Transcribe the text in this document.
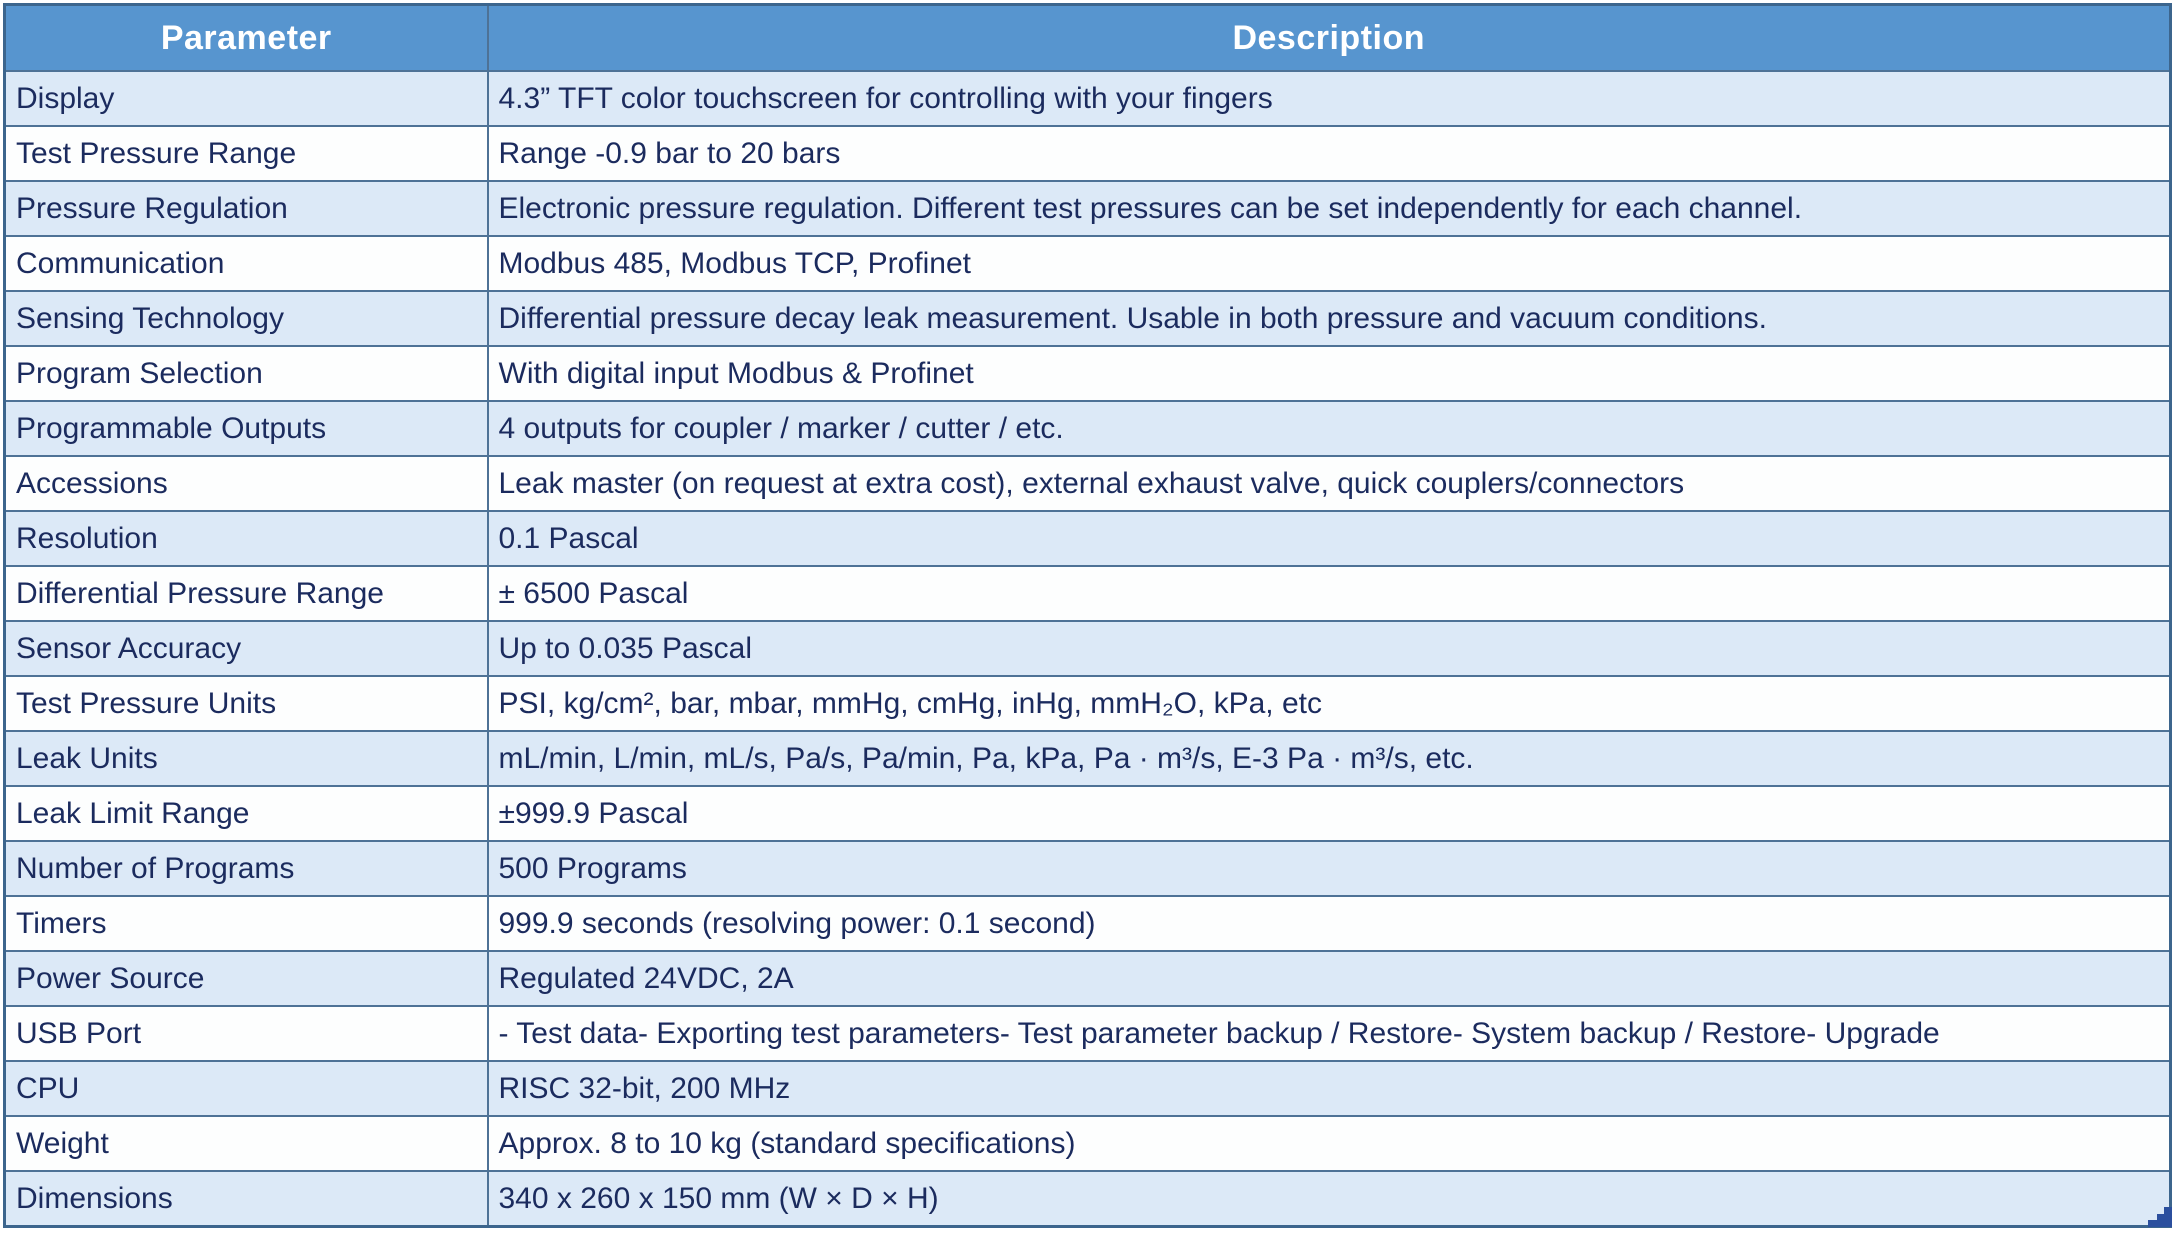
Parameter	Description
Display	4.3” TFT color touchscreen for controlling with your fingers
Test Pressure Range	Range -0.9 bar to 20 bars
Pressure Regulation	Electronic pressure regulation. Different test pressures can be set independently for each channel.
Communication	Modbus 485, Modbus TCP, Profinet
Sensing Technology	Differential pressure decay leak measurement. Usable in both pressure and vacuum conditions.
Program Selection	With digital input Modbus & Profinet
Programmable Outputs	4 outputs for coupler / marker / cutter / etc.
Accessions	Leak master (on request at extra cost), external exhaust valve, quick couplers/connectors
Resolution	0.1 Pascal
Differential Pressure Range	± 6500 Pascal
Sensor Accuracy	Up to 0.035 Pascal
Test Pressure Units	PSI, kg/cm², bar, mbar, mmHg, cmHg, inHg, mmH₂O, kPa, etc
Leak Units	mL/min, L/min, mL/s, Pa/s, Pa/min, Pa, kPa, Pa · m³/s, E-3 Pa · m³/s, etc.
Leak Limit Range	±999.9 Pascal
Number of Programs	500 Programs
Timers	999.9 seconds (resolving power: 0.1 second)
Power Source	Regulated 24VDC, 2A
USB Port	- Test data- Exporting test parameters- Test parameter backup / Restore- System backup / Restore- Upgrade
CPU	RISC 32-bit, 200 MHz
Weight	Approx. 8 to 10 kg (standard specifications)
Dimensions	340 x 260 x 150 mm (W × D × H)
